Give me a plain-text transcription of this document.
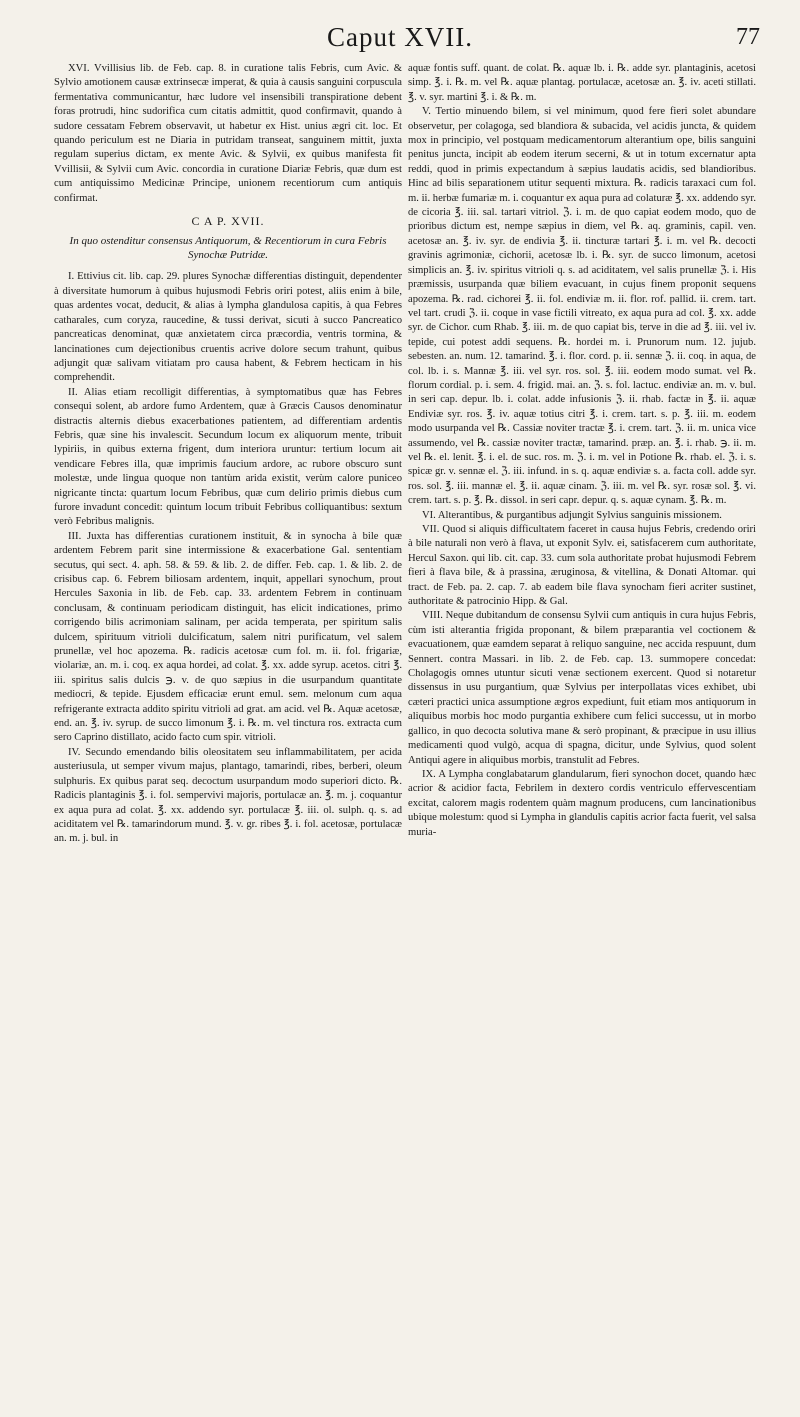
Caput XVII.	77

XVI. Vvillisius lib. de Feb. cap. 8. in curatione talis Febris, cum Avic. & Sylvio amotionem causæ extrinsecæ imperat, & quia à causis sanguini corpuscula fermentativa communicantur, hæc ludore vel insensibili transpiratione debent foras protrudi, hinc sudorifica cum citatis admittit, quod confirmavit, quando à sudore cessatam Febrem observavit, ut habetur ex Hist. unius ægri cit. loc. Et quando periculum est ne Diaria in putridam transeat, sanguinem mittit, juxta regulam superius dictam, ex mente Avic. & Sylvii, ex quibus manifesta fit Vvillisii, & Sylvii cum Avic. concordia in curatione Diariæ Febris, quæ dum est cum antiquissimo Medicinæ Principe, unionem recentiorum cum antiquis confirmat.

C A P. XVII.
In quo ostenditur consensus Antiquorum, & Recentiorum in cura Febris Synochæ Putridæ.

I. Ettivius cit. lib. cap. 29. plures Synochæ differentias distinguit, dependenter à diversitate humorum à quibus hujusmodi Febris oriri potest, aliis enim à bile, quas ardentes vocat, deducit, & alias à lympha glandulosa capitis, à qua Febres catharales, cum coryza, raucedine, & tussi derivat, sicuti à succo Pancreatico pancreaticas denominat, quæ anxietatem circa præcordia, ventris tormina, & lancinationes cum dejectionibus cruentis acrive dolore secum trahunt, quibus adjungit quæ salivam vitiatam pro causa habent, & Febrem hecticam in his comprehendit.

II. Alias etiam recolligit differentias, à symptomatibus quæ has Febres consequi solent, ab ardore fumo Ardentem, quæ à Græcis Causos denominatur distractis alternis diebus exacerbationes patientem, ad differentiam ardentis Febris, quæ sine his invalescit. Secundum locum ex aliquorum mente, tribuit lypiriis, in quibus externa frigent, dum interiora uruntur: tertium locum ait vendicare Febres illa, quæ imprimis faucium ardore, ac rubore obscuro sunt molestæ, unde lingua quoque non tantùm arida existit, verùm calore puniceo nigricante tincta: quartum locum Febribus, quæ cum delirio primis diebus cum furore invadunt concedit: quintum locum tribuit Febribus colliquantibus: sextum verò Febribus malignis.

III. Juxta has differentias curationem instituit, & in synocha à bile quæ ardentem Febrem parit sine intermissione & exacerbatione Gal. sententiam secutus, qui sect. 4. aph. 58. & 59. & lib. 2. de differ. Feb. cap. 1. & lib. 2. de crisibus cap. 6. Febrem biliosam ardentem, inquit, appellari synochum, prout Hercules Saxonia in lib. de Feb. cap. 33. ardentem Febrem in continuam conclusam, & continuam periodicam distinguit, has elicit indicationes, primo corrigendo bilis acrimoniam salinam, per acida temperata, per spiritum salis dulcem, spirituum vitrioli dulcificatum, salem nitri purificatum, vel salem prunellæ, vel hoc apozema. ℞. radicis acetosæ cum fol. m. ii. fol. frigariæ, violariæ, an. m. i. coq. ex aqua hordei, ad colat. ℥. xx. adde syrup. acetos. citri ℥. iii. spiritus salis dulcis ℈. v. de quo sæpius in die usurpandum quantitate mediocri, & tepide. Ejusdem efficaciæ erunt emul. sem. melonum cum aqua refrigerante extracta addito spiritu vitrioli ad grat. am acid. vel ℞. Aquæ acetosæ, end. an. ℥. iv. syrup. de succo limonum ℥. i. ℞. m. vel tinctura ros. extracta cum sero Caprino distillato, acido facto cum spir. vitrioli.

IV. Secundo emendando bilis oleositatem seu inflammabilitatem, per acida austeriusula, ut semper vivum majus, plantago, tamarindi, ribes, berberi, oleum sulphuris. Ex quibus parat seq. decoctum usurpandum modo superiori dicto. ℞. Radicis plantaginis ℥. i. fol. sempervivi majoris, portulacæ an. ℥. m. j. coquantur ex aqua pura ad colat. ℥. xx. addendo syr. portulacæ ℥. iii. ol. sulph. q. s. ad aciditatem vel ℞. tamarindorum mund. ℥. v. gr. ribes ℥. i. fol. acetosæ, portulacæ an. m. j. bul. in

aquæ fontis suff. quant. de colat. ℞. aquæ lb. i. ℞. adde syr. plantaginis, acetosi simp. ℥. i. ℞. m. vel ℞. aquæ plantag. portulacæ, acetosæ an. ℥. iv. aceti stillati. ℥. v. syr. martini ℥. i. & ℞. m.

V. Tertio minuendo bilem, si vel minimum, quod fere fieri solet abundare observetur, per colagoga, sed blandiora & subacida, vel acidis juncta, & quidem mox in principio, vel postquam medicamentorum alterantium ope, bilis sanguini penitus juncta, incipit ab eodem iterum secerni, & ut in totum excernatur apta reddi, quod in primis expectandum à sæpius laudatis acidis, sed blandioribus. Hinc ad bilis separationem utitur sequenti mixtura. ℞. radicis taraxaci cum fol. m. ii. herbæ fumariæ m. i. coquantur ex aqua pura ad colaturæ ℥. xx. addendo syr. de cicoria ℥. iii. sal. tartari vitriol. ℨ. i. m. de quo capiat eodem modo, quo de prioribus dictum est, nempe sæpius in diem, vel ℞. aq. graminis, capil. ven. acetosæ an. ℥. iv. syr. de endivia ℥. ii. tincturæ tartari ℥. i. m. vel ℞. decocti gravinis agrimoniæ, cichorii, acetosæ lb. i. ℞. syr. de succo limonum, acetosi simplicis an. ℥. iv. spiritus vitrioli q. s. ad aciditatem, vel salis prunellæ ℨ. i. His præmissis, usurpanda quæ biliem evacuant, in cujus finem proponit sequens apozema. ℞. rad. cichorei ℥. ii. fol. endiviæ m. ii. flor. rof. pallid. ii. crem. tart. vel tart. crudi ℨ. ii. coque in vase fictili vitreato, ex aqua pura ad col. ℥. xx. adde syr. de Cichor. cum Rhab. ℥. iii. m. de quo capiat bis, terve in die ad ℥. iii. vel iv. tepide, cui potest addi sequens. ℞. hordei m. i. Prunorum num. 12. jujub. sebesten. an. num. 12. tamarind. ℥. i. flor. cord. p. ii. sennæ ℨ. ii. coq. in aqua, de col. lb. i. s. Mannæ ℥. iii. vel syr. ros. sol. ℥. iii. eodem modo sumat. vel ℞. florum cordial. p. i. sem. 4. frigid. mai. an. ℨ. s. fol. lactuc. endiviæ an. m. v. bul. in seri cap. depur. lb. i. colat. adde infusionis ℨ. ii. rhab. factæ in ℥. ii. aquæ Endiviæ syr. ros. ℥. iv. aquæ totius citri ℥. i. crem. tart. s. p. ℥. iii. m. eodem modo usurpanda vel ℞. Cassiæ noviter tractæ ℥. i. crem. tart. ℨ. ii. m. unica vice assumendo, vel ℞. cassiæ noviter tractæ, tamarind. præp. an. ℥. i. rhab. ℈. ii. m. vel ℞. el. lenit. ℥. i. el. de suc. ros. m. ℨ. i. m. vel in Potione ℞. rhab. el. ℨ. i. s. spicæ gr. v. sennæ el. ℨ. iii. infund. in s. q. aquæ endiviæ s. a. facta coll. adde syr. ros. sol. ℥. iii. mannæ el. ℥. ii. aquæ cinam. ℨ. iii. m. vel ℞. syr. rosæ sol. ℥. vi. crem. tart. s. p. ℥. ℞. dissol. in seri capr. depur. q. s. aquæ cynam. ℥. ℞. m.

VI. Alterantibus, & purgantibus adjungit Sylvius sanguinis missionem.

VII. Quod si aliquis difficultatem faceret in causa hujus Febris, credendo oriri à bile naturali non verò à flava, ut exponit Sylv. ei, satisfacerem cum authoritate, Hercul Saxon. qui lib. cit. cap. 33. cum sola authoritate probat hujusmodi Febrem fieri à flava bile, & à prassina, æruginosa, & vitellina, & Donati Altomar. qui tract. de Feb. pa. 2. cap. 7. ab eadem bile flava synocham fieri acriter sustinet, authoritate & patrocinio Hipp. & Gal.

VIII. Neque dubitandum de consensu Sylvii cum antiquis in cura hujus Febris, cùm isti alterantia frigida proponant, & bilem præparantia vel coctionem & evacuationem, quæ eamdem separat à reliquo sanguine, nec accida respuunt, dum Sennert. contra Massari. in lib. 2. de Feb. cap. 13. summopere concedat: Cholagogis omnes utuntur sicuti venæ sectionem exercent. Quod si notaretur dissensus in usu purgantium, quæ Sylvius per interpollatas vices exhibet, ubi cæteri practici unica assumptione ægros expediunt, fuit etiam mos antiquorum in aliquibus morbis hoc modo purgantia exhibere cum felici successu, ut in morbo gallico, in quo decocta solutiva mane & serò propinant, & præcipue in usu illius medicamenti quod vulgò, acqua di spagna, dicitur, unde Sylvius, quod solent Antiqui agere in aliquibus morbis, transtulit ad Febres.

IX. A Lympha conglabatarum glandularum, fieri synochon docet, quando hæc acrior & acidior facta, Febrilem in dextero cordis ventriculo effervescentiam excitat, calorem magis rodentem quàm magnum producens, cum lancinationibus ubique molestum: quod si Lympha in glandulis capitis acrior facta fuerit, vel salsa muria-
